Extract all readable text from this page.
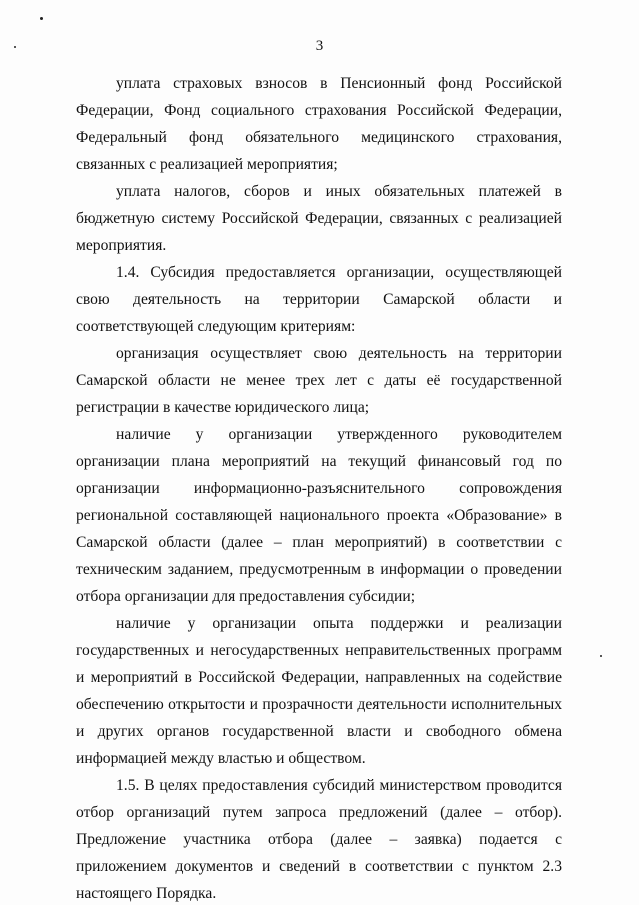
3

уплата страховых взносов в Пенсионный фонд Российской Федерации, Фонд социального страхования Российской Федерации, Федеральный фонд обязательного медицинского страхования, связанных с реализацией мероприятия;

уплата налогов, сборов и иных обязательных платежей в бюджетную систему Российской Федерации, связанных с реализацией мероприятия.

1.4. Субсидия предоставляется организации, осуществляющей свою деятельность на территории Самарской области и соответствующей следующим критериям:

организация осуществляет свою деятельность на территории Самарской области не менее трех лет с даты её государственной регистрации в качестве юридического лица;

наличие у организации утвержденного руководителем организации плана мероприятий на текущий финансовый год по организации информационно-разъяснительного сопровождения региональной составляющей национального проекта «Образование» в Самарской области (далее – план мероприятий) в соответствии с техническим заданием, предусмотренным в информации о проведении отбора организации для предоставления субсидии;

наличие у организации опыта поддержки и реализации государственных и негосударственных неправительственных программ и мероприятий в Российской Федерации, направленных на содействие обеспечению открытости и прозрачности деятельности исполнительных и других органов государственной власти и свободного обмена информацией между властью и обществом.

1.5. В целях предоставления субсидий министерством проводится отбор организаций путем запроса предложений (далее – отбор). Предложение участника отбора (далее – заявка) подается с приложением документов и сведений в соответствии с пунктом 2.3 настоящего Порядка.
